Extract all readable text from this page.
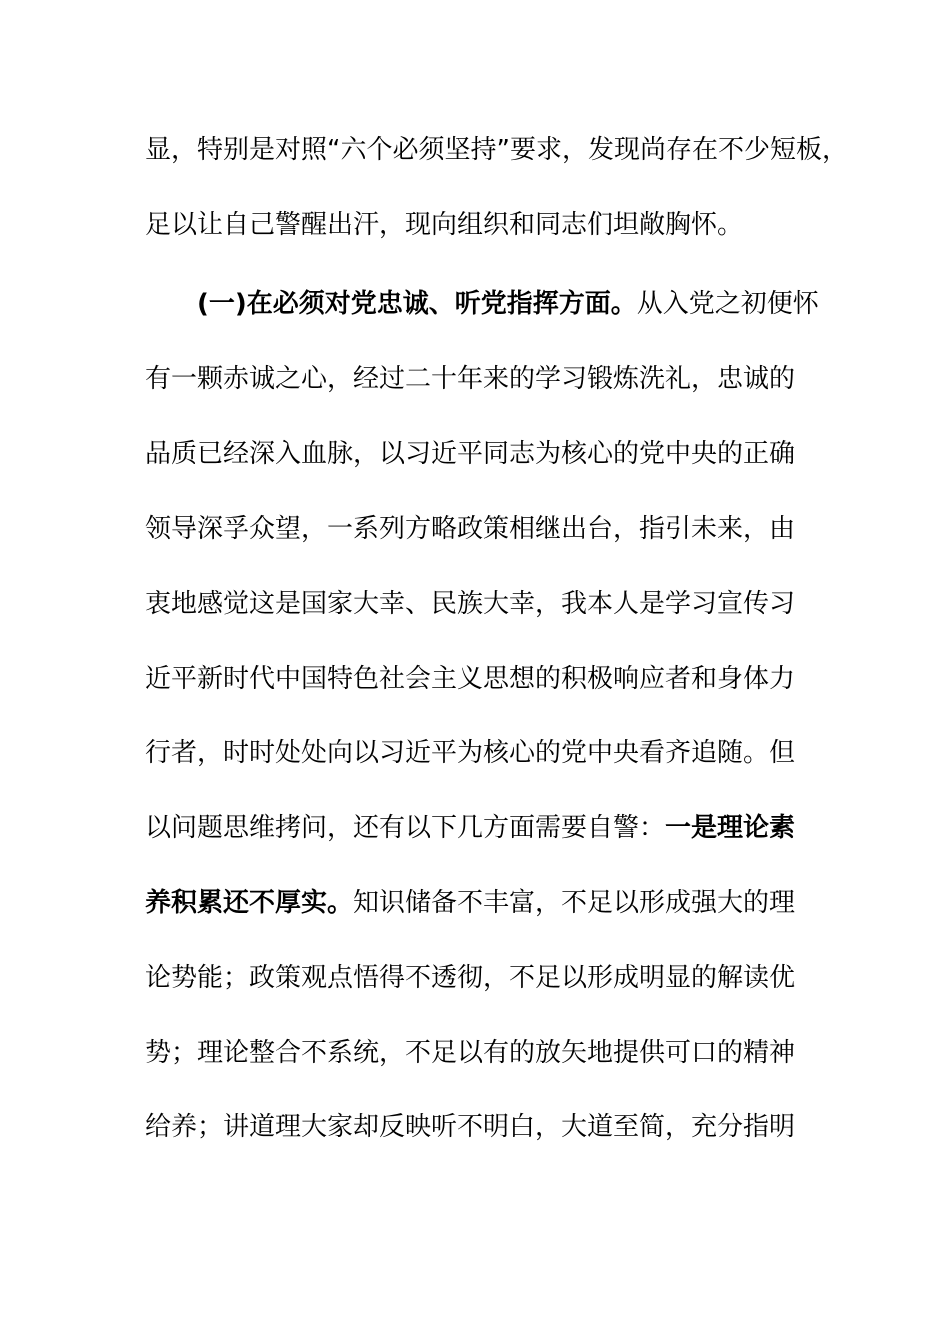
显，特别是对照“六个必须坚持”要求，发现尚存在不少短板，
足以让自己警醒出汗，现向组织和同志们坦敞胸怀。
(一)在必须对党忠诚、听党指挥方面。从入党之初便怀
有一颗赤诚之心，经过二十年来的学习锻炼洗礼，忠诚的
品质已经深入血脉，以习近平同志为核心的党中央的正确
领导深孚众望，一系列方略政策相继出台，指引未来，由
衷地感觉这是国家大幸、民族大幸，我本人是学习宣传习
近平新时代中国特色社会主义思想的积极响应者和身体力
行者，时时处处向以习近平为核心的党中央看齐追随。但
以问题思维拷问，还有以下几方面需要自警：一是理论素
养积累还不厚实。知识储备不丰富，不足以形成强大的理
论势能；政策观点悟得不透彻，不足以形成明显的解读优
势；理论整合不系统，不足以有的放矢地提供可口的精神
给养；讲道理大家却反映听不明白，大道至简，充分指明
